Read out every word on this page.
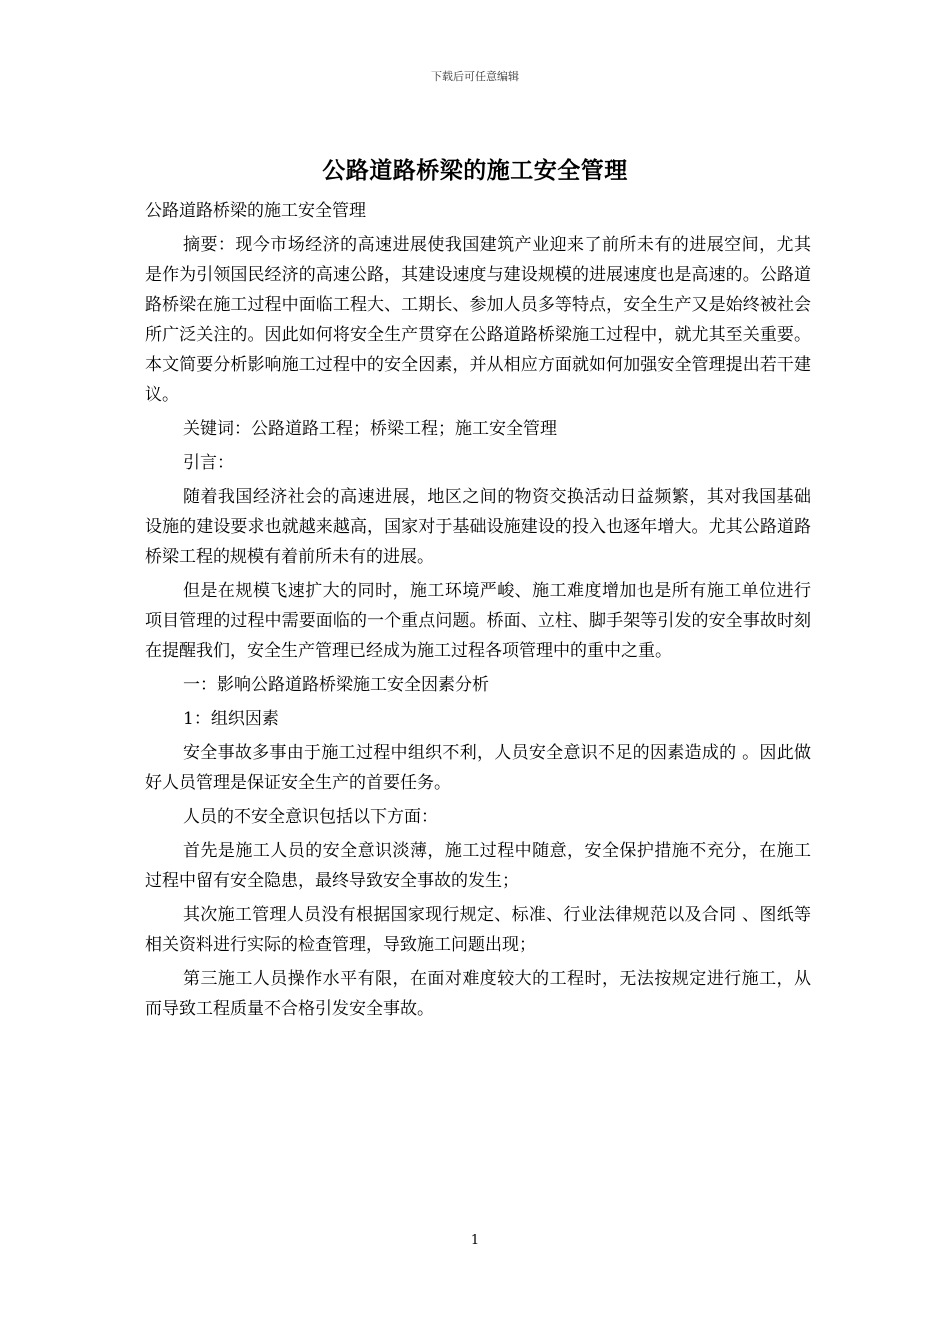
下载后可任意编辑
公路道路桥梁的施工安全管理

公路道路桥梁的施工安全管理

摘要：现今市场经济的高速进展使我国建筑产业迎来了前所未有的进展空间，尤其是作为引领国民经济的高速公路，其建设速度与建设规模的进展速度也是高速的。公路道路桥梁在施工过程中面临工程大、工期长、参加人员多等特点，安全生产又是始终被社会所广泛关注的。因此如何将安全生产贯穿在公路道路桥梁施工过程中，就尤其至关重要。本文简要分析影响施工过程中的安全因素，并从相应方面就如何加强安全管理提出若干建议。

关键词：公路道路工程；桥梁工程；施工安全管理

引言：

随着我国经济社会的高速进展，地区之间的物资交换活动日益频繁，其对我国基础设施的建设要求也就越来越高，国家对于基础设施建设的投入也逐年增大。尤其公路道路桥梁工程的规模有着前所未有的进展。

但是在规模飞速扩大的同时，施工环境严峻、施工难度增加也是所有施工单位进行项目管理的过程中需要面临的一个重点问题。桥面、立柱、脚手架等引发的安全事故时刻在提醒我们，安全生产管理已经成为施工过程各项管理中的重中之重。

一：影响公路道路桥梁施工安全因素分析

1：组织因素

安全事故多事由于施工过程中组织不利，人员安全意识不足的因素造成的 。因此做好人员管理是保证安全生产的首要任务。

人员的不安全意识包括以下方面：

首先是施工人员的安全意识淡薄，施工过程中随意，安全保护措施不充分，在施工过程中留有安全隐患，最终导致安全事故的发生；

其次施工管理人员没有根据国家现行规定、标准、行业法律规范以及合同 、图纸等相关资料进行实际的检查管理，导致施工问题出现；

第三施工人员操作水平有限，在面对难度较大的工程时，无法按规定进行施工，从而导致工程质量不合格引发安全事故。

1
